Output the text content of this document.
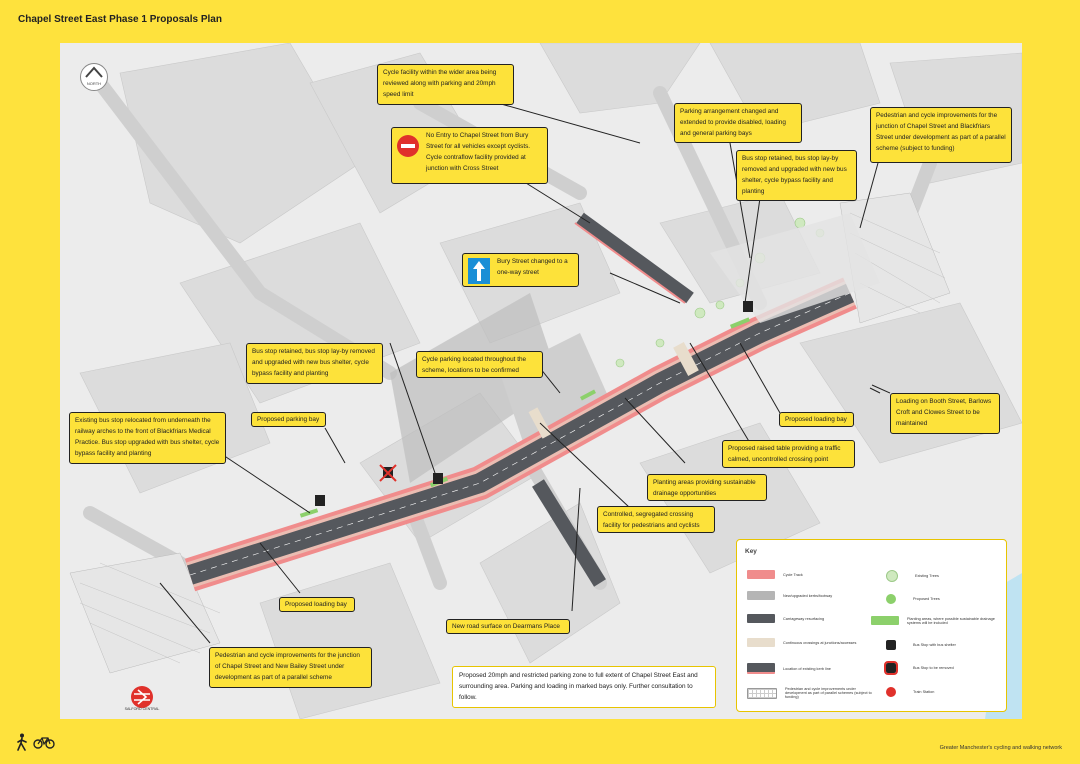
Chapel Street East Phase 1 Proposals Plan
NORTH
Cycle facility within the wider area being reviewed along with parking and 20mph speed limit
No Entry to Chapel Street from Bury Street for all vehicles except cyclists. Cycle contraflow facility provided at junction with Cross Street
Parking arrangement changed and extended to provide disabled, loading and general parking bays
Pedestrian and cycle improvements for the junction of Chapel Street and Blackfriars Street under development as part of a parallel scheme (subject to funding)
Bus stop retained, bus stop lay-by removed and upgraded with new bus shelter, cycle bypass facility and planting
Bury Street changed to a one-way street
Bus stop retained, bus stop lay-by removed and upgraded with new bus shelter, cycle bypass facility and planting
Cycle parking located throughout the scheme, locations to be confirmed
Existing bus stop relocated from underneath the railway arches to the front of Blackfriars Medical Practice. Bus stop upgraded with bus shelter, cycle bypass facility and planting
Proposed parking bay	Proposed loading bay
Loading on Booth Street, Barlows Croft and Clowes Street to be maintained
Proposed raised table providing a traffic calmed, uncontrolled crossing point
Planting areas providing sustainable drainage opportunities
Controlled, segregated crossing facility for pedestrians and cyclists
Proposed loading bay
New road surface on Dearmans Place
Pedestrian and cycle improvements for the junction of Chapel Street and New Bailey Street under development as part of a parallel scheme	Proposed 20mph and restricted parking zone to full extent of Chapel Street East and surrounding area. Parking and loading in marked bays only. Further consultation to follow.
SALFORD CENTRAL
Key
Cycle Track
New/upgraded kerbs/footway
Carriageway resurfacing
Continuous crossings at junctions/accesses
Location of existing kerb line
Pedestrian and cycle improvements under development as part of parallel schemes (subject to funding)
Existing Trees
Proposed Trees
Planting areas, where possible sustainable drainage systems will be included
Bus Stop with bus shelter
Bus Stop to be removed
Train Station
Greater Manchester's cycling and walking network
